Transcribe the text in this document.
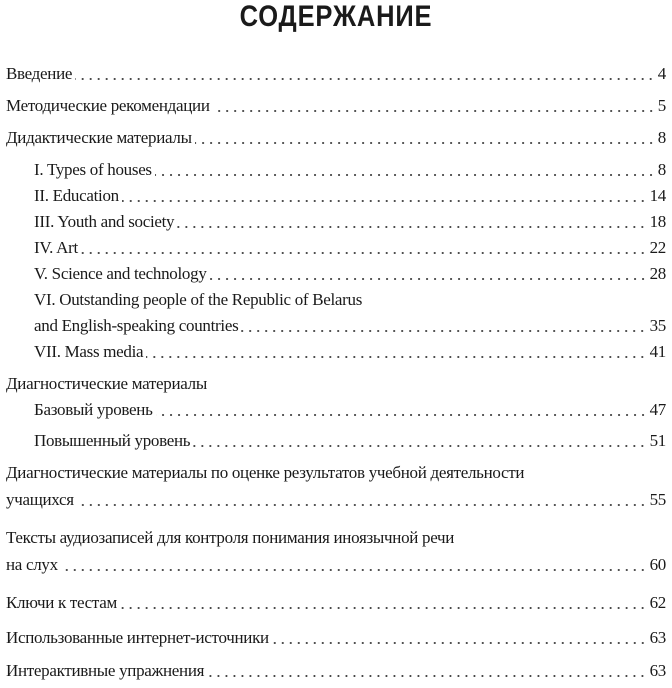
СОДЕРЖАНИЕ
Введение	4
Методические рекомендации	5
Дидактические материалы	8
I. Types of houses	8
II. Education	14
III. Youth and society	18
IV. Art	22
V. Science and technology	28
VI. Outstanding people of the Republic of Belarus
and English-speaking countries	35
VII. Mass media	41
Диагностические материалы
Базовый уровень	47
Повышенный уровень	51
Диагностические материалы по оценке результатов учебной деятельности
учащихся	55
Тексты аудиозаписей для контроля понимания иноязычной речи
на слух	60
Ключи к тестам	62
Использованные интернет-источники	63
Интерактивные упражнения	63
